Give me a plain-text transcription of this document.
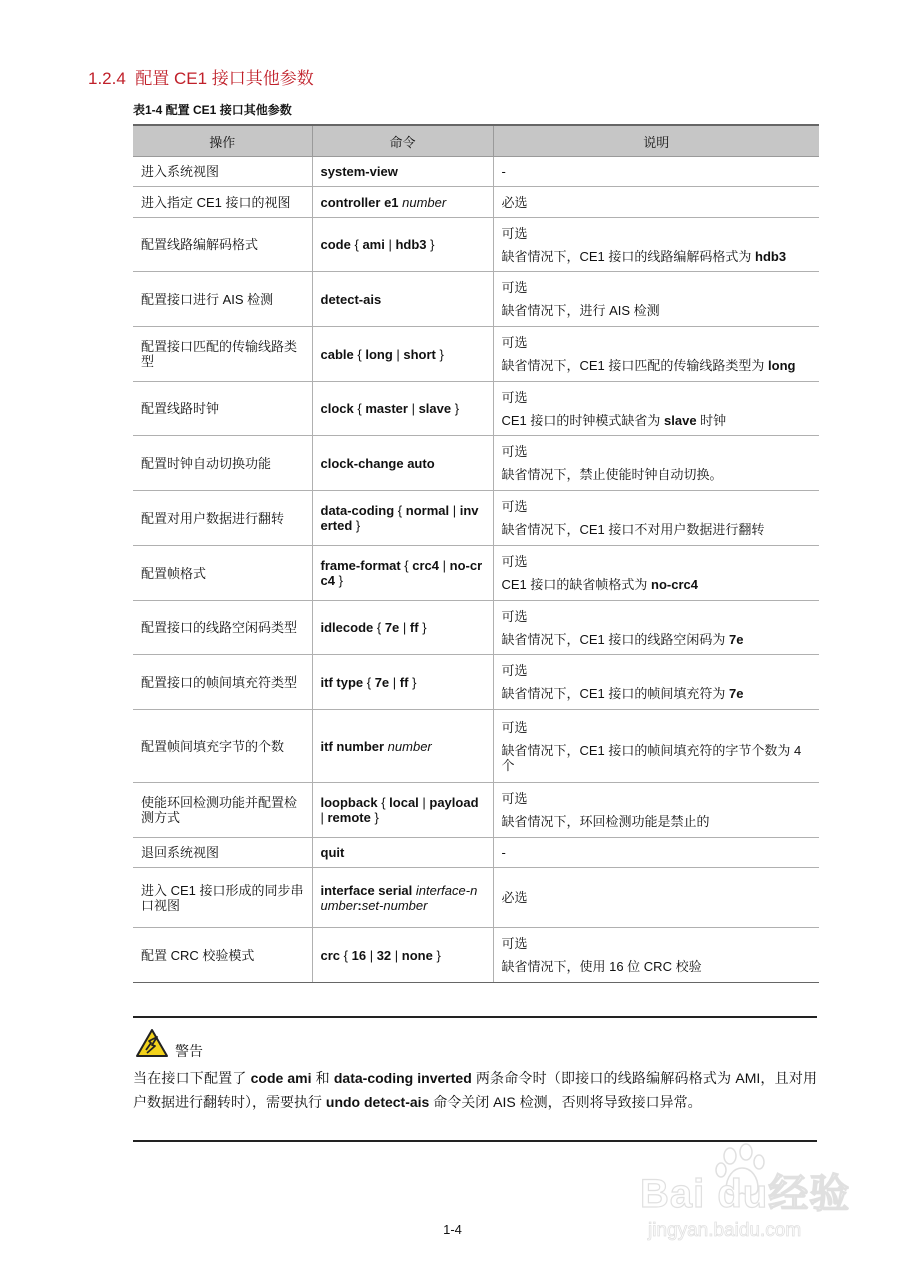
1.2.4 配置 CE1 接口其他参数
表1-4 配置 CE1 接口其他参数
操作	命令	说明
进入系统视图	system-view	-

进入指定 CE1 接口的视图	controller e1 number	必选

配置线路编解码格式	code { ami | hdb3 }	可选
缺省情况下，CE1 接口的线路编解码格式为 hdb3

配置接口进行 AIS 检测	detect-ais	可选
缺省情况下，进行 AIS 检测

配置接口匹配的传输线路类型	cable { long | short }	可选
缺省情况下，CE1 接口匹配的传输线路类型为 long

配置线路时钟	clock { master | slave }	可选
CE1 接口的时钟模式缺省为 slave 时钟

配置时钟自动切换功能	clock-change auto	可选
缺省情况下，禁止使能时钟自动切换。

配置对用户数据进行翻转	data-coding { normal | inverted }	可选
缺省情况下，CE1 接口不对用户数据进行翻转

配置帧格式	frame-format { crc4 | no-crc4 }	可选
CE1 接口的缺省帧格式为 no-crc4

配置接口的线路空闲码类型	idlecode { 7e | ff }	可选
缺省情况下，CE1 接口的线路空闲码为 7e

配置接口的帧间填充符类型	itf type { 7e | ff }	可选
缺省情况下，CE1 接口的帧间填充符为 7e

配置帧间填充字节的个数	itf number number	可选
缺省情况下，CE1 接口的帧间填充符的字节个数为 4 个

使能环回检测功能并配置检测方式	loopback { local | payload | remote }	可选
缺省情况下，环回检测功能是禁止的

退回系统视图	quit	-

进入 CE1 接口形成的同步串口视图	interface serial interface-number:set-number	必选

配置 CRC 校验模式	crc { 16 | 32 | none }	可选
缺省情况下，使用 16 位 CRC 校验
警告

当在接口下配置了 code ami 和 data-coding inverted 两条命令时（即接口的线路编解码格式为 AMI，且对用户数据进行翻转时），需要执行 undo detect-ais 命令关闭 AIS 检测，否则将导致接口异常。

Bai du经验
jingyan.baidu.com
1-4
